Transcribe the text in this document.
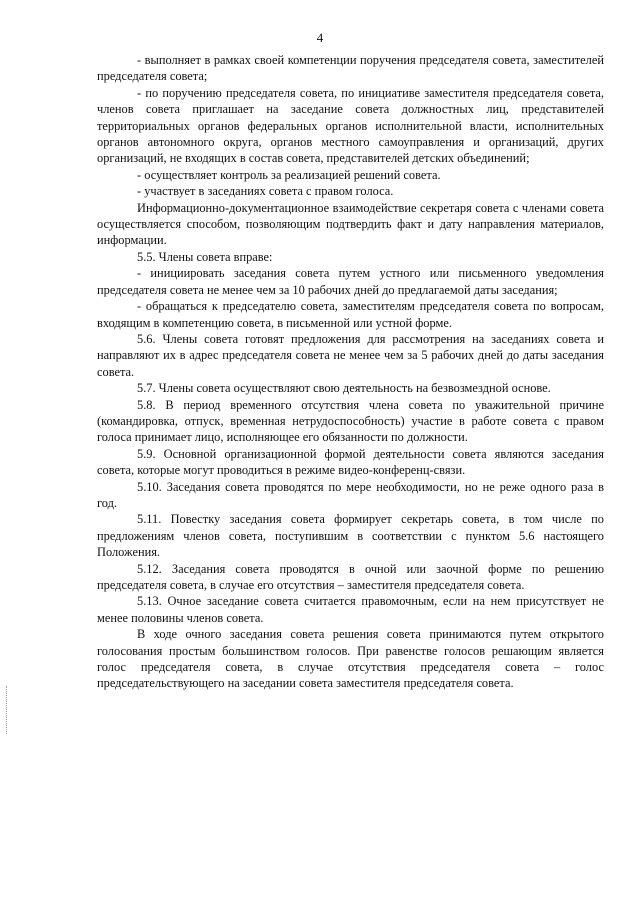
4

- выполняет в рамках своей компетенции поручения председателя совета, заместителей председателя совета;

- по поручению председателя совета, по инициативе заместителя председателя совета, членов совета приглашает на заседание совета должностных лиц, представителей территориальных органов федеральных органов исполнительной власти, исполнительных органов автономного округа, органов местного самоуправления и организаций, других организаций, не входящих в состав совета, представителей детских объединений;

- осуществляет контроль за реализацией решений совета.

- участвует в заседаниях совета с правом голоса.

Информационно-документационное взаимодействие секретаря совета с членами совета осуществляется способом, позволяющим подтвердить факт и дату направления материалов, информации.

5.5. Члены совета вправе:

- инициировать заседания совета путем устного или письменного уведомления председателя совета не менее чем за 10 рабочих дней до предлагаемой даты заседания;

- обращаться к председателю совета, заместителям председателя совета по вопросам, входящим в компетенцию совета, в письменной или устной форме.

5.6. Члены совета готовят предложения для рассмотрения на заседаниях совета и направляют их в адрес председателя совета не менее чем за 5 рабочих дней до даты заседания совета.

5.7. Члены совета осуществляют свою деятельность на безвозмездной основе.

5.8. В период временного отсутствия члена совета по уважительной причине (командировка, отпуск, временная нетрудоспособность) участие в работе совета с правом голоса принимает лицо, исполняющее его обязанности по должности.

5.9. Основной организационной формой деятельности совета являются заседания совета, которые могут проводиться в режиме видео-конференц-связи.

5.10. Заседания совета проводятся по мере необходимости, но не реже одного раза в год.

5.11. Повестку заседания совета формирует секретарь совета, в том числе по предложениям членов совета, поступившим в соответствии с пунктом 5.6 настоящего Положения.

5.12. Заседания совета проводятся в очной или заочной форме по решению председателя совета, в случае его отсутствия – заместителя председателя совета.

5.13. Очное заседание совета считается правомочным, если на нем присутствует не менее половины членов совета.

В ходе очного заседания совета решения совета принимаются путем открытого голосования простым большинством голосов. При равенстве голосов решающим является голос председателя совета, в случае отсутствия председателя совета – голос председательствующего на заседании совета заместителя председателя совета.
